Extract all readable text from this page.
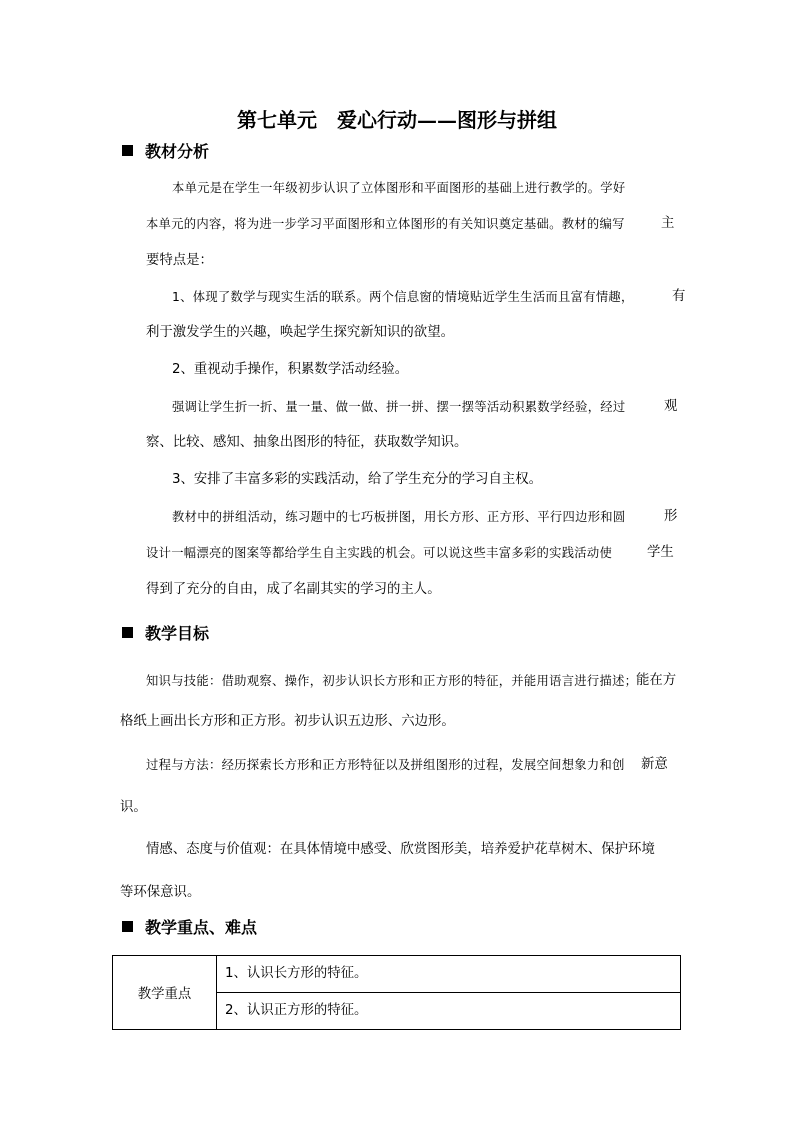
第七单元　爱心行动——图形与拼组
教材分析
本单元是在学生一年级初步认识了立体图形和平面图形的基础上进行教学的。学好
本单元的内容，将为进一步学习平面图形和立体图形的有关知识奠定基础。教材的编写	主
要特点是：
1、体现了数学与现实生活的联系。两个信息窗的情境贴近学生生活而且富有情趣，	有
利于激发学生的兴趣，唤起学生探究新知识的欲望。
2、重视动手操作，积累数学活动经验。
强调让学生折一折、量一量、做一做、拼一拼、摆一摆等活动积累数学经验，经过	观
察、比较、感知、抽象出图形的特征，获取数学知识。
3、安排了丰富多彩的实践活动，给了学生充分的学习自主权。
教材中的拼组活动，练习题中的七巧板拼图，用长方形、正方形、平行四边形和圆	形
设计一幅漂亮的图案等都给学生自主实践的机会。可以说这些丰富多彩的实践活动使	学生
得到了充分的自由，成了名副其实的学习的主人。
教学目标
知识与技能：借助观察、操作，初步认识长方形和正方形的特征，并能用语言进行描述；
能在方
格纸上画出长方形和正方形。初步认识五边形、六边形。
过程与方法：经历探索长方形和正方形特征以及拼组图形的过程，发展空间想象力和创 新意
识。
情感、态度与价值观：在具体情境中感受、欣赏图形美，培养爱护花草树木、保护环境
等环保意识。
教学重点、难点
教学重点	1、认识长方形的特征。
2、认识正方形的特征。
